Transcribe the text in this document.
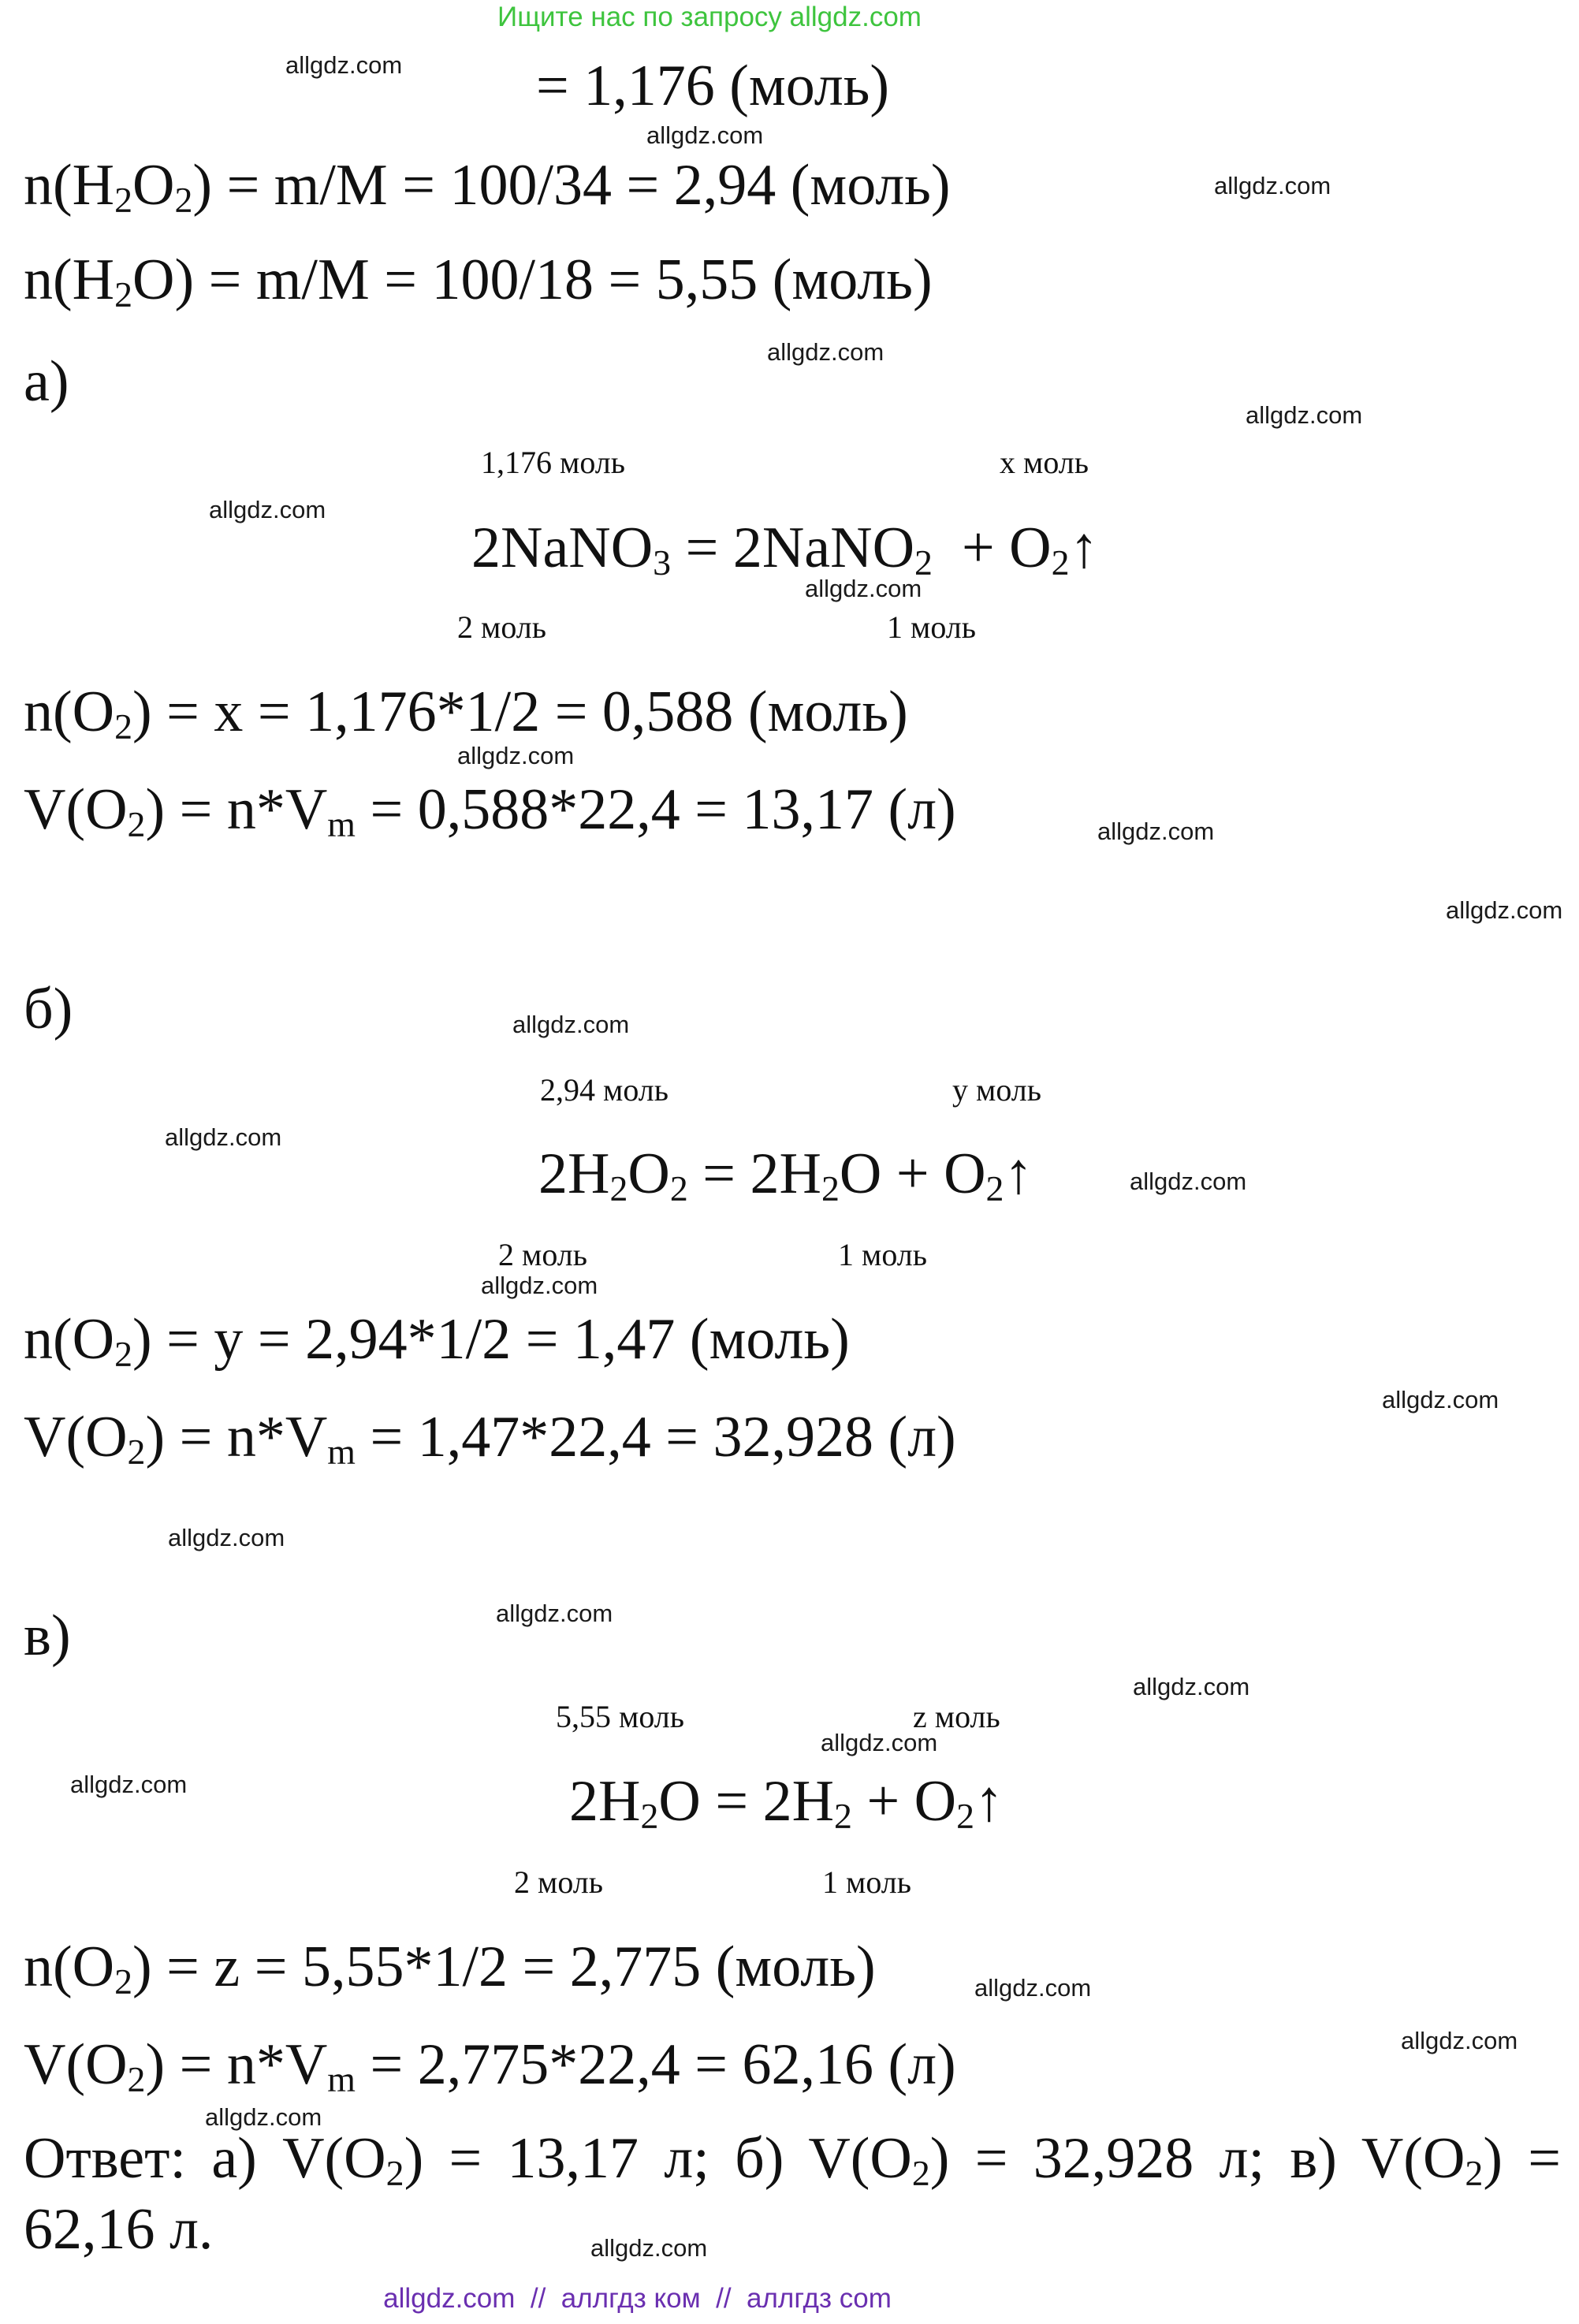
Ищите нас по запросу allgdz.com
= 1,176 (моль)
$n(H_2O_2) = m/M = 100/34 = 2,94$ (моль)
$n(H_2O) = m/M = 100/18 = 5,55$ (моль)
а)
1,176 моль	x моль
2NaNO$_3$ = 2NaNO$_2$  + $O_2↑$
2 моль	1 моль
$n(O_2) = x = 1,176*1/2 = 0,588$ (моль)
$V(O_2) = n*V_m = 0,588*22,4 = 13,17$ (л)
б)
2,94 моль	y моль
$2H_2O_2 = 2H_2O$ + $O_2↑$
2 моль	1 моль
$n(O_2) = y = 2,94*1/2 = 1,47$ (моль)
$V(O_2) = n*V_m = 1,47*22,4 = 32,928$ (л)
в)
5,55 моль	z моль
$2H_2O = 2H_2$ + $O_2↑$
2 моль	1 моль
$n(O_2) = z = 5,55*1/2 = 2,775$ (моль)
$V(O_2) = n*V_m = 2,775*22,4 = 62,16$ (л)
Ответ: а) $V(O_2) = 13,17$ л; б) $V(O_2) = 32,928$ л; в) $V(O_2) = 62,16$ л.
allgdz.com
allgdz.com
allgdz.com
allgdz.com
allgdz.com
allgdz.com
allgdz.com
allgdz.com
allgdz.com
allgdz.com
allgdz.com
allgdz.com
allgdz.com
allgdz.com
allgdz.com
allgdz.com
allgdz.com
allgdz.com
allgdz.com
allgdz.com
allgdz.com
allgdz.com
allgdz.com
allgdz.com
allgdz.com  //  аллгдз ком  //  аллгдз com
